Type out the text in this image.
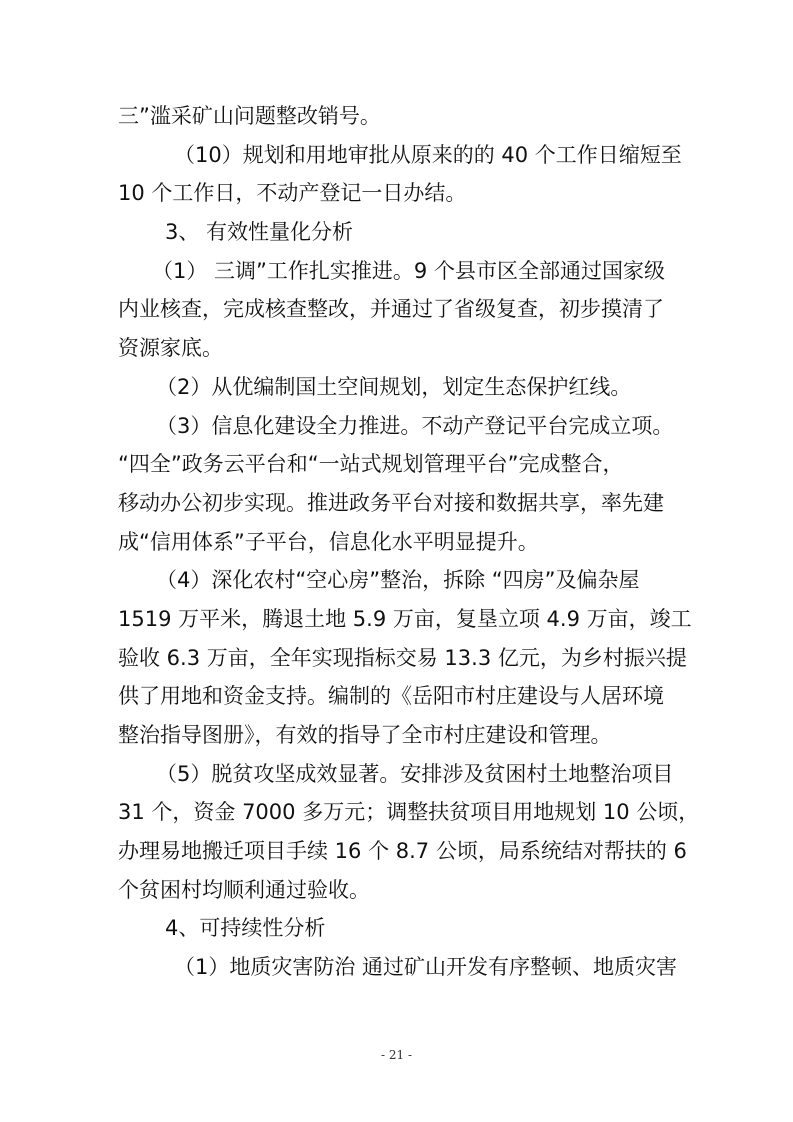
三”滥采矿山问题整改销号。
（10）规划和用地审批从原来的的 40 个工作日缩短至
10 个工作日，不动产登记一日办结。
3、 有效性量化分析
（1） 三调”工作扎实推进。9 个县市区全部通过国家级
内业核查，完成核查整改，并通过了省级复查，初步摸清了
资源家底。
（2）从优编制国土空间规划，划定生态保护红线。
（3）信息化建设全力推进。不动产登记平台完成立项。
“四全”政务云平台和“一站式规划管理平台”完成整合，
移动办公初步实现。推进政务平台对接和数据共享，率先建
成“信用体系”子平台，信息化水平明显提升。
（4）深化农村“空心房”整治，拆除 “四房”及偏杂屋
1519 万平米，腾退土地 5.9 万亩，复垦立项 4.9 万亩，竣工
验收 6.3 万亩，全年实现指标交易 13.3 亿元，为乡村振兴提
供了用地和资金支持。编制的《岳阳市村庄建设与人居环境
整治指导图册》，有效的指导了全市村庄建设和管理。
（5）脱贫攻坚成效显著。安排涉及贫困村土地整治项目
31 个，资金 7000 多万元；调整扶贫项目用地规划 10 公顷，
办理易地搬迁项目手续 16 个 8.7 公顷，局系统结对帮扶的 6
个贫困村均顺利通过验收。
4、可持续性分析
（1）地质灾害防治 通过矿山开发有序整顿、地质灾害
- 21 -
